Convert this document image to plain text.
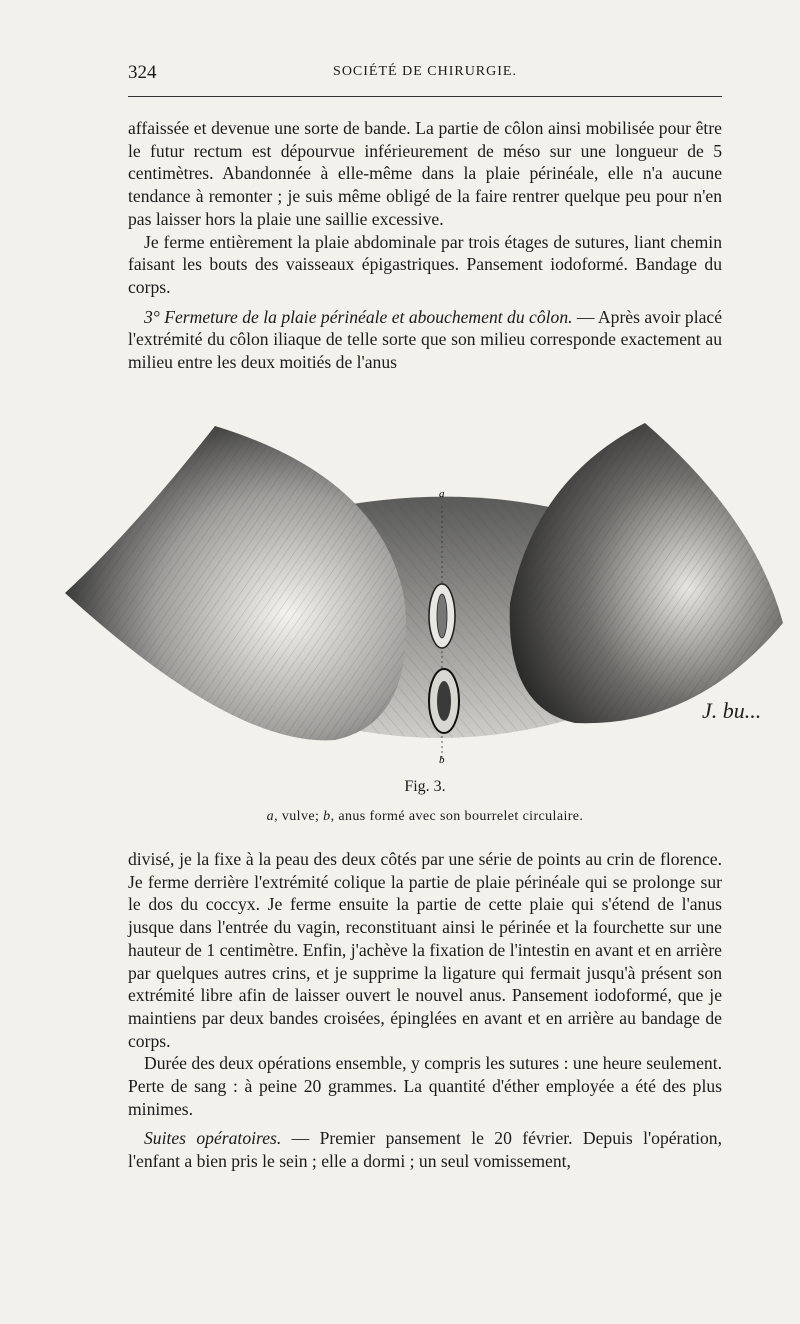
324	SOCIÉTÉ DE CHIRURGIE.

affaissée et devenue une sorte de bande. La partie de côlon ainsi mobilisée pour être le futur rectum est dépourvue inférieurement de méso sur une longueur de 5 centimètres. Abandonnée à elle-même dans la plaie périnéale, elle n'a aucune tendance à remonter ; je suis même obligé de la faire rentrer quelque peu pour n'en pas laisser hors la plaie une saillie excessive.

Je ferme entièrement la plaie abdominale par trois étages de sutures, liant chemin faisant les bouts des vaisseaux épigastriques. Pansement iodoformé. Bandage du corps.

3° Fermeture de la plaie périnéale et abouchement du côlon. — Après avoir placé l'extrémité du côlon iliaque de telle sorte que son milieu corresponde exactement au milieu entre les deux moitiés de l'anus

a
b
J. bu...
Fig. 3.
a, vulve; b, anus formé avec son bourrelet circulaire.

divisé, je la fixe à la peau des deux côtés par une série de points au crin de florence. Je ferme derrière l'extrémité colique la partie de plaie périnéale qui se prolonge sur le dos du coccyx. Je ferme ensuite la partie de cette plaie qui s'étend de l'anus jusque dans l'entrée du vagin, reconstituant ainsi le périnée et la fourchette sur une hauteur de 1 centimètre. Enfin, j'achève la fixation de l'intestin en avant et en arrière par quelques autres crins, et je supprime la ligature qui fermait jusqu'à présent son extrémité libre afin de laisser ouvert le nouvel anus. Pansement iodoformé, que je maintiens par deux bandes croisées, épinglées en avant et en arrière au bandage de corps.

Durée des deux opérations ensemble, y compris les sutures : une heure seulement. Perte de sang : à peine 20 grammes. La quantité d'éther employée a été des plus minimes.

Suites opératoires. — Premier pansement le 20 février. Depuis l'opération, l'enfant a bien pris le sein ; elle a dormi ; un seul vomissement,
